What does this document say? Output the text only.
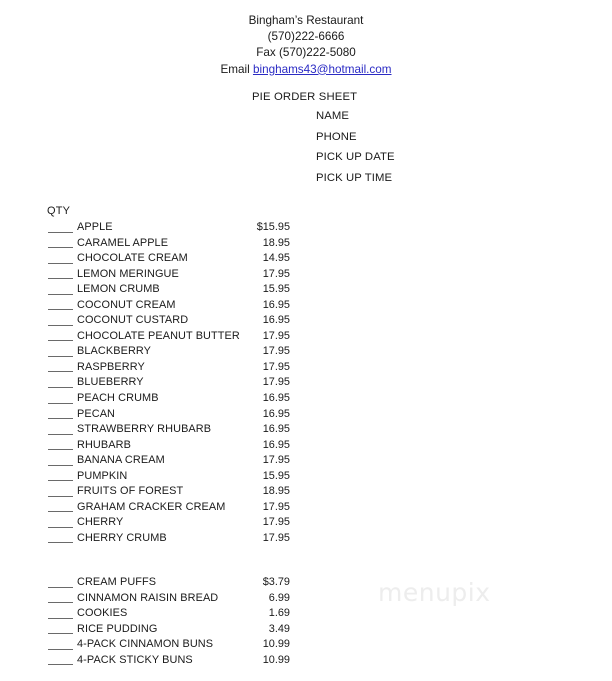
menupix
Bingham’s Restaurant
(570)222-6666
Fax (570)222-5080
Email binghams43@hotmail.com
PIE ORDER SHEET
NAME
PHONE
PICK UP DATE
PICK UP TIME
QTY
APPLE	$15.95
CARAMEL APPLE	18.95
CHOCOLATE CREAM	14.95
LEMON MERINGUE	17.95
LEMON CRUMB	15.95
COCONUT CREAM	16.95
COCONUT CUSTARD	16.95
CHOCOLATE PEANUT BUTTER	17.95
BLACKBERRY	17.95
RASPBERRY	17.95
BLUEBERRY	17.95
PEACH CRUMB	16.95
PECAN	16.95
STRAWBERRY RHUBARB	16.95
RHUBARB	16.95
BANANA CREAM	17.95
PUMPKIN	15.95
FRUITS OF FOREST	18.95
GRAHAM CRACKER CREAM	17.95
CHERRY	17.95
CHERRY CRUMB	17.95
CREAM PUFFS	$3.79
CINNAMON RAISIN BREAD	6.99
COOKIES	1.69
RICE PUDDING	3.49
4-PACK CINNAMON BUNS	10.99
4-PACK STICKY BUNS	10.99
